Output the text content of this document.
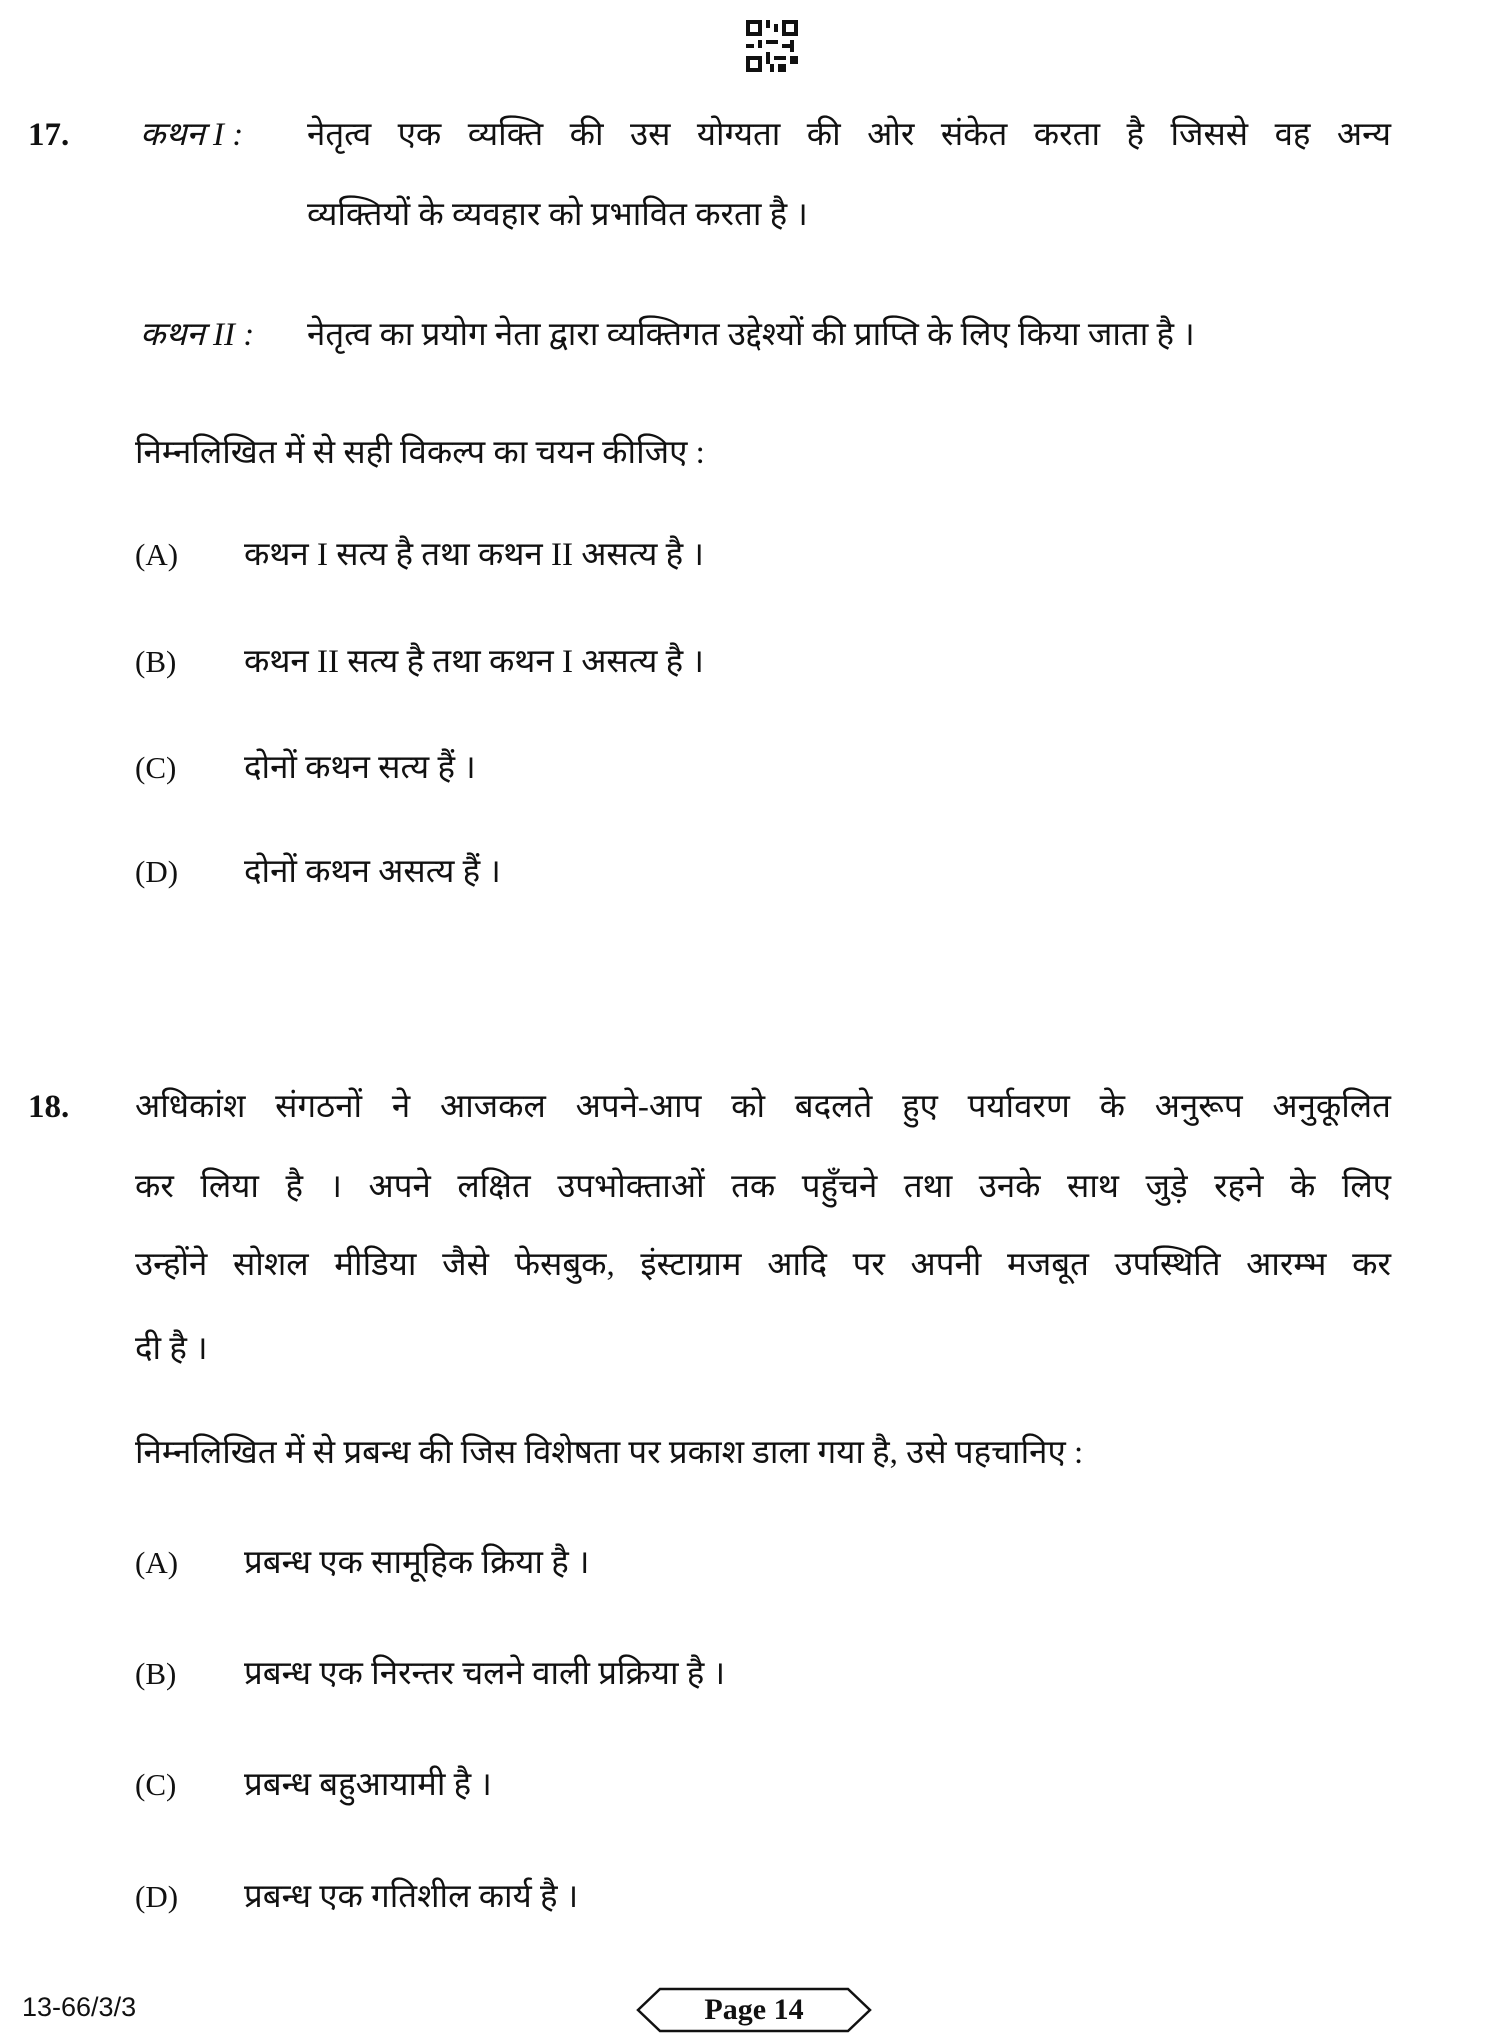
17. कथन I : नेतृत्व एक व्यक्ति की उस योग्यता की ओर संकेत करता है जिससे वह अन्य
व्यक्तियों के व्यवहार को प्रभावित करता है ।
कथन II : नेतृत्व का प्रयोग नेता द्वारा व्यक्तिगत उद्देश्यों की प्राप्ति के लिए किया जाता है ।
निम्नलिखित में से सही विकल्प का चयन कीजिए :
(A) कथन I सत्य है तथा कथन II असत्य है ।
(B) कथन II सत्य है तथा कथन I असत्य है ।
(C) दोनों कथन सत्य हैं ।
(D) दोनों कथन असत्य हैं ।
18. अधिकांश संगठनों ने आजकल अपने-आप को बदलते हुए पर्यावरण के अनुरूप अनुकूलित
कर लिया है । अपने लक्षित उपभोक्ताओं तक पहुँचने तथा उनके साथ जुड़े रहने के लिए
उन्होंने सोशल मीडिया जैसे फेसबुक, इंस्टाग्राम आदि पर अपनी मजबूत उपस्थिति आरम्भ कर
दी है ।
निम्नलिखित में से प्रबन्ध की जिस विशेषता पर प्रकाश डाला गया है, उसे पहचानिए :
(A) प्रबन्ध एक सामूहिक क्रिया है ।
(B) प्रबन्ध एक निरन्तर चलने वाली प्रक्रिया है ।
(C) प्रबन्ध बहुआयामी है ।
(D) प्रबन्ध एक गतिशील कार्य है ।
13-66/3/3	Page 14
